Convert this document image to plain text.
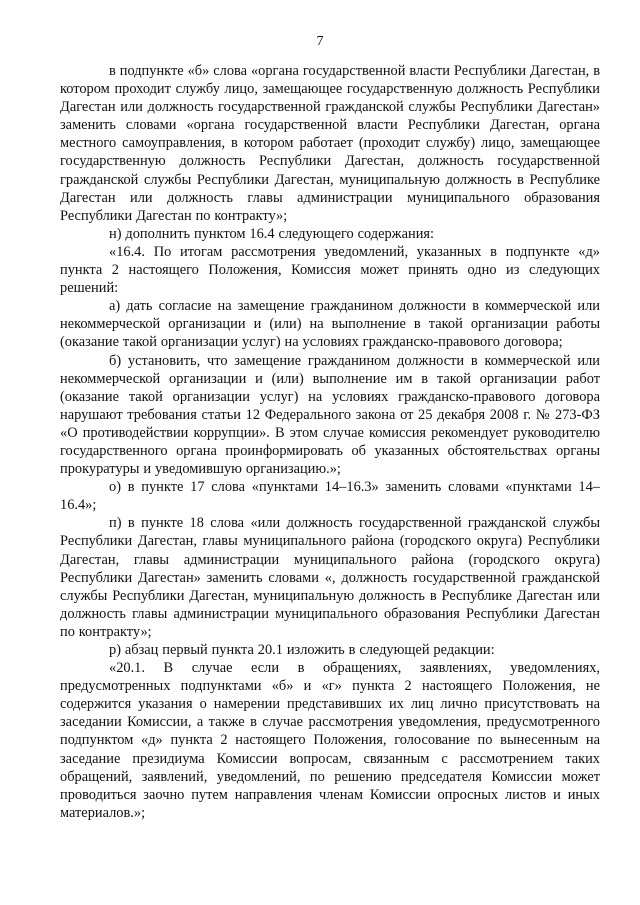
7

в подпункте «б» слова «органа государственной власти Республики Дагестан, в котором проходит службу лицо, замещающее государственную должность Республики Дагестан или должность государственной гражданской службы Республики Дагестан» заменить словами «органа государственной власти Республики Дагестан, органа местного самоуправления, в котором работает (проходит службу) лицо, замещающее государственную должность Республики Дагестан, должность государственной гражданской службы Республики Дагестан, муниципальную должность в Республике Дагестан или должность главы администрации муниципального образования Республики Дагестан по контракту»;

н) дополнить пунктом 16.4 следующего содержания:

«16.4. По итогам рассмотрения уведомлений, указанных в подпункте «д» пункта 2 настоящего Положения, Комиссия может принять одно из следующих решений:

а) дать согласие на замещение гражданином должности в коммерческой или некоммерческой организации и (или) на выполнение в такой организации работы (оказание такой организации услуг) на условиях гражданско-правового договора;

б) установить, что замещение гражданином должности в коммерческой или некоммерческой организации и (или) выполнение им в такой организации работ (оказание такой организации услуг) на условиях гражданско-правового договора нарушают требования статьи 12 Федерального закона от 25 декабря 2008 г. № 273-ФЗ «О противодействии коррупции». В этом случае комиссия рекомендует руководителю государственного органа проинформировать об указанных обстоятельствах органы прокуратуры и уведомившую организацию.»;

о) в пункте 17 слова «пунктами 14–16.3» заменить словами «пунктами 14–16.4»;

п) в пункте 18 слова «или должность государственной гражданской службы Республики Дагестан, главы муниципального района (городского округа) Республики Дагестан, главы администрации муниципального района (городского округа) Республики Дагестан» заменить словами «, должность государственной гражданской службы Республики Дагестан, муниципальную должность в Республике Дагестан или должность главы администрации муниципального образования Республики Дагестан по контракту»;

р) абзац первый пункта 20.1 изложить в следующей редакции:

«20.1. В случае если в обращениях, заявлениях, уведомлениях, предусмотренных подпунктами «б» и «г» пункта 2 настоящего Положения, не содержится указания о намерении представивших их лиц лично присутствовать на заседании Комиссии, а также в случае рассмотрения уведомления, предусмотренного подпунктом «д» пункта 2 настоящего Положения, голосование по вынесенным на заседание президиума Комиссии вопросам, связанным с рассмотрением таких обращений, заявлений, уведомлений, по решению председателя Комиссии может проводиться заочно путем направления членам Комиссии опросных листов и иных материалов.»;
